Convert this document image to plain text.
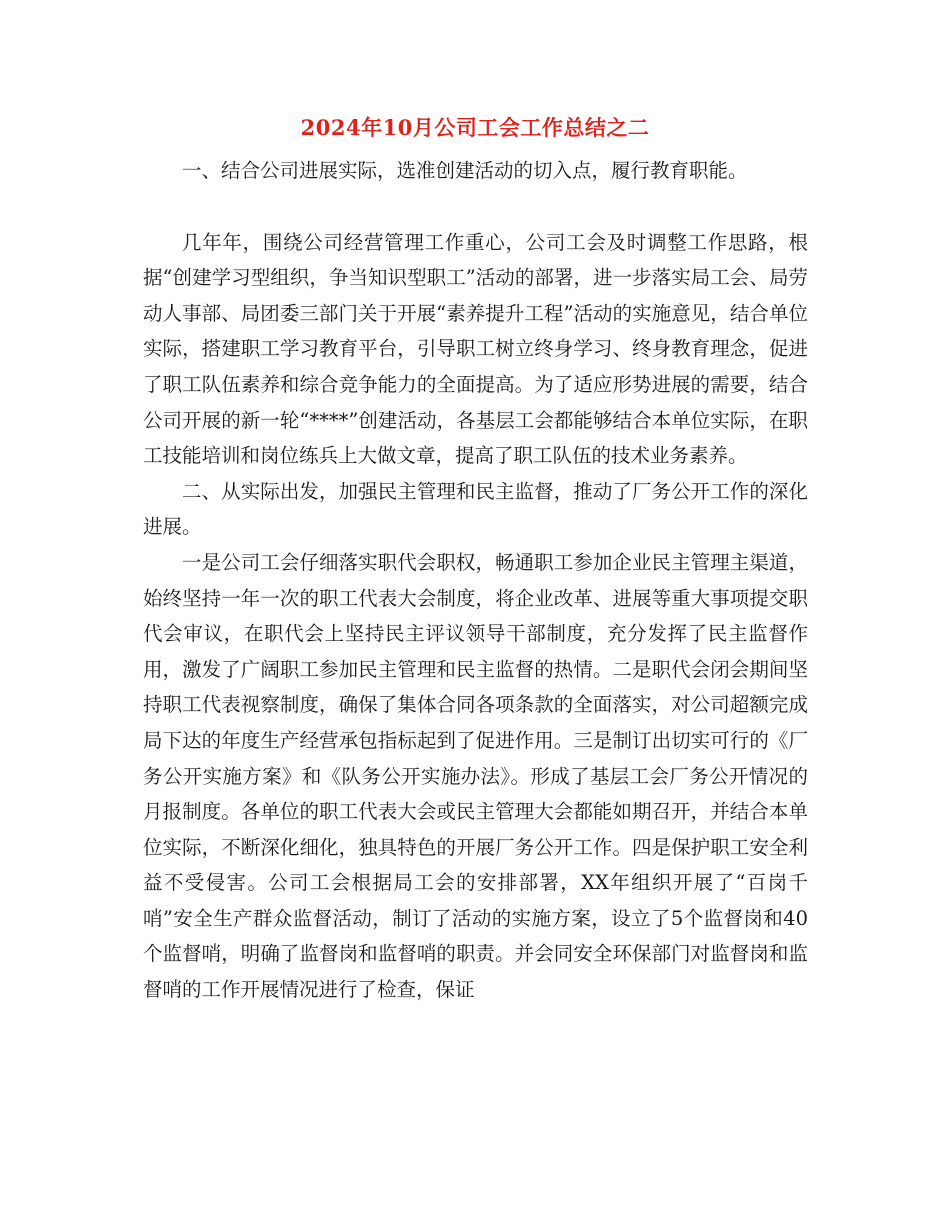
2024年10月公司工会工作总结之二

一、结合公司进展实际，选准创建活动的切入点，履行教育职能。

几年年，围绕公司经营管理工作重心，公司工会及时调整工作思路，根据“创建学习型组织，争当知识型职工”活动的部署，进一步落实局工会、局劳动人事部、局团委三部门关于开展“素养提升工程”活动的实施意见，结合单位实际，搭建职工学习教育平台，引导职工树立终身学习、终身教育理念，促进了职工队伍素养和综合竞争能力的全面提高。为了适应形势进展的需要，结合公司开展的新一轮“****”创建活动，各基层工会都能够结合本单位实际，在职工技能培训和岗位练兵上大做文章，提高了职工队伍的技术业务素养。

二、从实际出发，加强民主管理和民主监督，推动了厂务公开工作的深化进展。

一是公司工会仔细落实职代会职权，畅通职工参加企业民主管理主渠道，始终坚持一年一次的职工代表大会制度，将企业改革、进展等重大事项提交职代会审议，在职代会上坚持民主评议领导干部制度，充分发挥了民主监督作用，激发了广阔职工参加民主管理和民主监督的热情。二是职代会闭会期间坚持职工代表视察制度，确保了集体合同各项条款的全面落实，对公司超额完成局下达的年度生产经营承包指标起到了促进作用。三是制订出切实可行的《厂务公开实施方案》和《队务公开实施办法》。形成了基层工会厂务公开情况的月报制度。各单位的职工代表大会或民主管理大会都能如期召开，并结合本单位实际，不断深化细化，独具特色的开展厂务公开工作。四是保护职工安全利益不受侵害。公司工会根据局工会的安排部署，XX年组织开展了“百岗千哨”安全生产群众监督活动，制订了活动的实施方案，设立了5个监督岗和40个监督哨，明确了监督岗和监督哨的职责。并会同安全环保部门对监督岗和监督哨的工作开展情况进行了检查，保证
